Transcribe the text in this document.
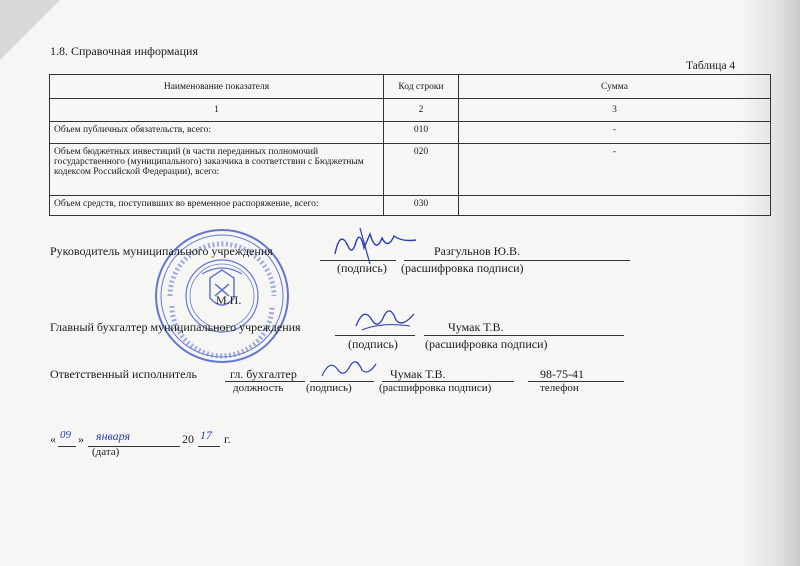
1.8. Справочная информация
Таблица 4
Наименование показателя	Код строки	Сумма
1	2	3
Объем публичных обязательств, всего:	010	-
Объем бюджетных инвестиций (в части переданных полномочий государственного (муниципального) заказчика в соответствии с Бюджетным кодексом Российской Федерации), всего:	020	-
Объем средств, поступивших во временное распоряжение, всего:	030	
М.П.
Руководитель муниципального учреждения	Разгульнов Ю.В.
(подпись) (расшифровка подписи)
Главный бухгалтер муниципального учреждения	Чумак Т.В.
(подпись) (расшифровка подписи)
Ответственный исполнитель	гл. бухгалтер	Чумак Т.В.	98-75-41
должность (подпись) (расшифровка подписи)	телефон
« 09 » января	20 17 г.
(дата)
